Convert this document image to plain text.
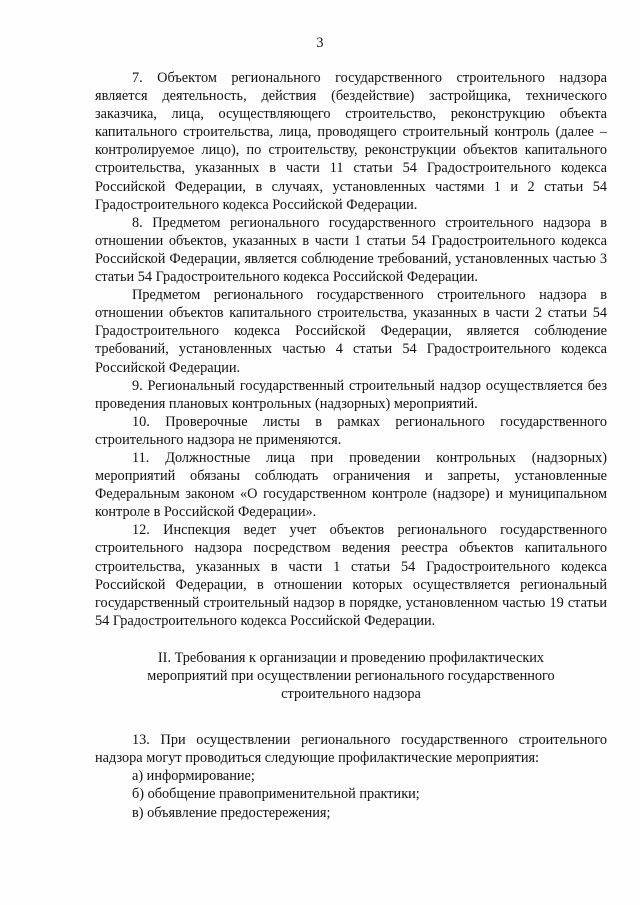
3

7. Объектом регионального государственного строительного надзора является деятельность, действия (бездействие) застройщика, технического заказчика, лица, осуществляющего строительство, реконструкцию объекта капитального строительства, лица, проводящего строительный контроль (далее – контролируемое лицо), по строительству, реконструкции объектов капитального строительства, указанных в части 11 статьи 54 Градостроительного кодекса Российской Федерации, в случаях, установленных частями 1 и 2 статьи 54 Градостроительного кодекса Российской Федерации.

8. Предметом регионального государственного строительного надзора в отношении объектов, указанных в части 1 статьи 54 Градостроительного кодекса Российской Федерации, является соблюдение требований, установленных частью 3 статьи 54 Градостроительного кодекса Российской Федерации.

Предметом регионального государственного строительного надзора в отношении объектов капитального строительства, указанных в части 2 статьи 54 Градостроительного кодекса Российской Федерации, является соблюдение требований, установленных частью 4 статьи 54 Градостроительного кодекса Российской Федерации.

9. Региональный государственный строительный надзор осуществляется без проведения плановых контрольных (надзорных) мероприятий.

10. Проверочные листы в рамках регионального государственного строительного надзора не применяются.

11. Должностные лица при проведении контрольных (надзорных) мероприятий обязаны соблюдать ограничения и запреты, установленные Федеральным законом «О государственном контроле (надзоре) и муниципальном контроле в Российской Федерации».

12. Инспекция ведет учет объектов регионального государственного строительного надзора посредством ведения реестра объектов капитального строительства, указанных в части 1 статьи 54 Градостроительного кодекса Российской Федерации, в отношении которых осуществляется региональный государственный строительный надзор в порядке, установленном частью 19 статьи 54 Градостроительного кодекса Российской Федерации.

II. Требования к организации и проведению профилактических мероприятий при осуществлении регионального государственного строительного надзора

13. При осуществлении регионального государственного строительного надзора могут проводиться следующие профилактические мероприятия:

а) информирование;

б) обобщение правоприменительной практики;

в) объявление предостережения;
